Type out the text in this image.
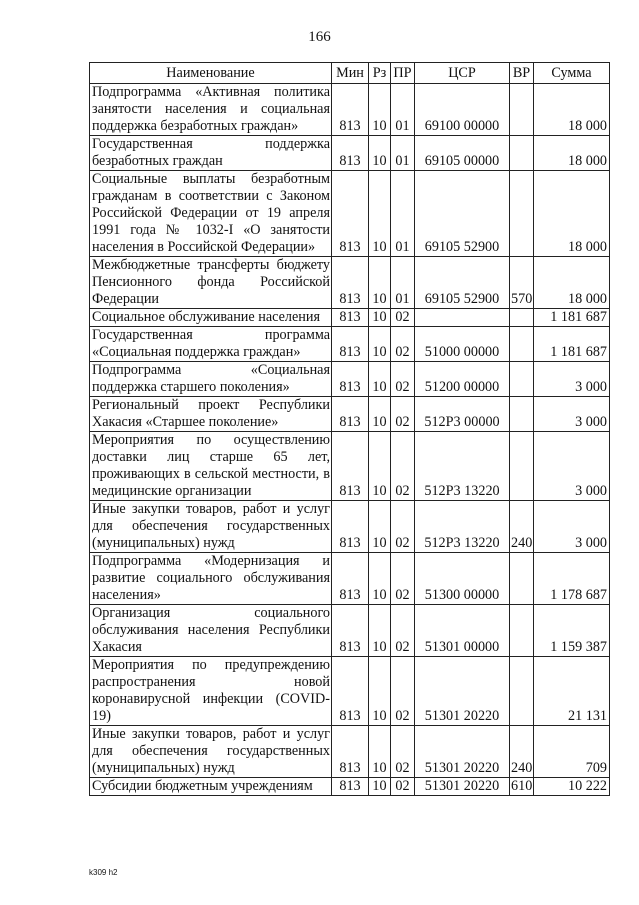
166
Наименование	Мин	Рз	ПР	ЦСР	ВР	Сумма
Подпрограмма «Активная политика занятости населения и социальная поддержка безработных граждан»	813	10	01	69100 00000		18 000
Государственная поддержка безработных граждан	813	10	01	69105 00000		18 000
Социальные выплаты безработным гражданам в соответствии с Законом Российской Федерации от 19 апреля 1991 года № 1032-I «О занятости населения в Российской Федерации»	813	10	01	69105 52900		18 000
Межбюджетные трансферты бюджету Пенсионного фонда Российской Федерации	813	10	01	69105 52900	570	18 000
Социальное обслуживание населения	813	10	02			1 181 687
Государственная программа «Социальная поддержка граждан»	813	10	02	51000 00000		1 181 687
Подпрограмма «Социальная поддержка старшего поколения»	813	10	02	51200 00000		3 000
Региональный проект Республики Хакасия «Старшее поколение»	813	10	02	512P3 00000		3 000
Мероприятия по осуществлению доставки лиц старше 65 лет, проживающих в сельской местности, в медицинские организации	813	10	02	512P3 13220		3 000
Иные закупки товаров, работ и услуг для обеспечения государственных (муниципальных) нужд	813	10	02	512P3 13220	240	3 000
Подпрограмма «Модернизация и развитие социального обслуживания населения»	813	10	02	51300 00000		1 178 687
Организация социального обслуживания населения Республики Хакасия	813	10	02	51301 00000		1 159 387
Мероприятия по предупреждению распространения новой коронавирусной инфекции (COVID-19)	813	10	02	51301 20220		21 131
Иные закупки товаров, работ и услуг для обеспечения государственных (муниципальных) нужд	813	10	02	51301 20220	240	709
Субсидии бюджетным учреждениям	813	10	02	51301 20220	610	10 222
k309 h2
